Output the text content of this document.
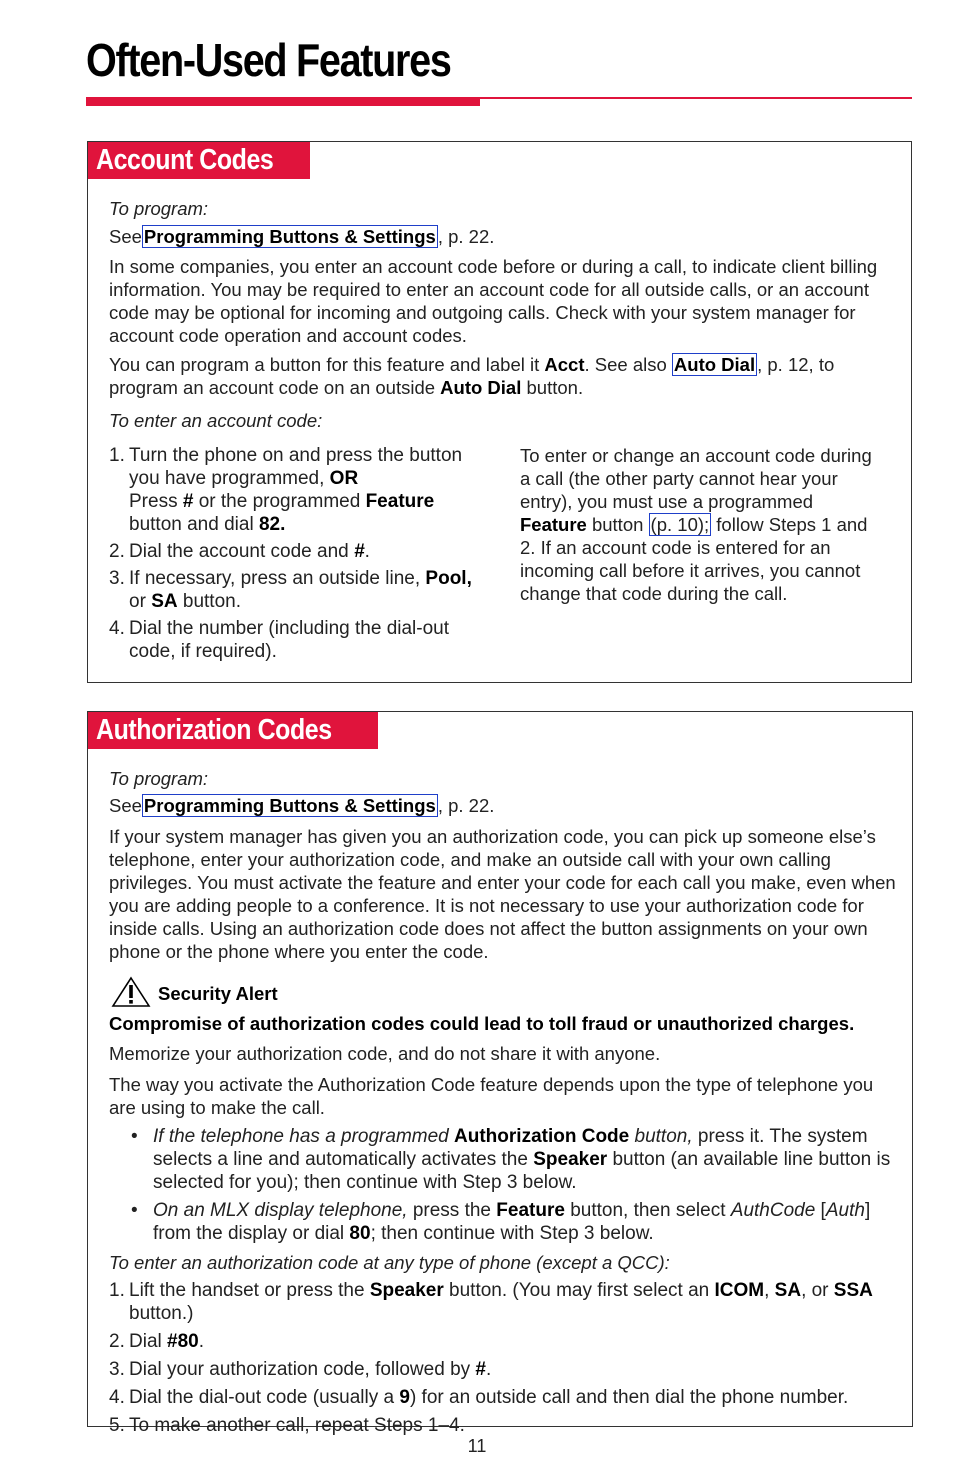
Often-Used Features
Account Codes

To program:

See Programming Buttons & Settings , p. 22.

In some companies, you enter an account code before or during a call, to indicate client billing information. You may be required to enter an account code for all outside calls, or an account code may be optional for incoming and outgoing calls. Check with your system manager for account code operation and account codes.

You can program a button for this feature and label it Acct. See also Auto Dial , p. 12, to program an account code on an outside Auto Dial button.

To enter an account code:

1. Turn the phone on and press the button you have programmed, OR
Press # or the programmed Feature button and dial 82.
2. Dial the account code and #.
3. If necessary, press an outside line, Pool, or SA button.
4. Dial the number (including the dial-out code, if required).

To enter or change an account code during a call (the other party cannot hear your entry), you must use a programmed Feature button (p. 10); follow Steps 1 and 2. If an account code is entered for an incoming call before it arrives, you cannot change that code during the call.

Authorization Codes

To program:

See Programming Buttons & Settings , p. 22.

If your system manager has given you an authorization code, you can pick up someone else’s telephone, enter your authorization code, and make an outside call with your own calling privileges. You must activate the feature and enter your code for each call you make, even when you are adding people to a conference. It is not necessary to use your authorization code for inside calls. Using an authorization code does not affect the button assignments on your own phone or the phone where you enter the code.

Security Alert

Compromise of authorization codes could lead to toll fraud or unauthorized charges.

Memorize your authorization code, and do not share it with anyone.

The way you activate the Authorization Code feature depends upon the type of telephone you are using to make the call.

• If the telephone has a programmed Authorization Code button, press it. The system selects a line and automatically activates the Speaker button (an available line button is selected for you); then continue with Step 3 below.
• On an MLX display telephone, press the Feature button, then select AuthCode [Auth] from the display or dial 80; then continue with Step 3 below.

To enter an authorization code at any type of phone (except a QCC):

1. Lift the handset or press the Speaker button. (You may first select an ICOM, SA, or SSA button.)
2. Dial #80.
3. Dial your authorization code, followed by #.
4. Dial the dial-out code (usually a 9) for an outside call and then dial the phone number.
5. To make another call, repeat Steps 1–4.
11
